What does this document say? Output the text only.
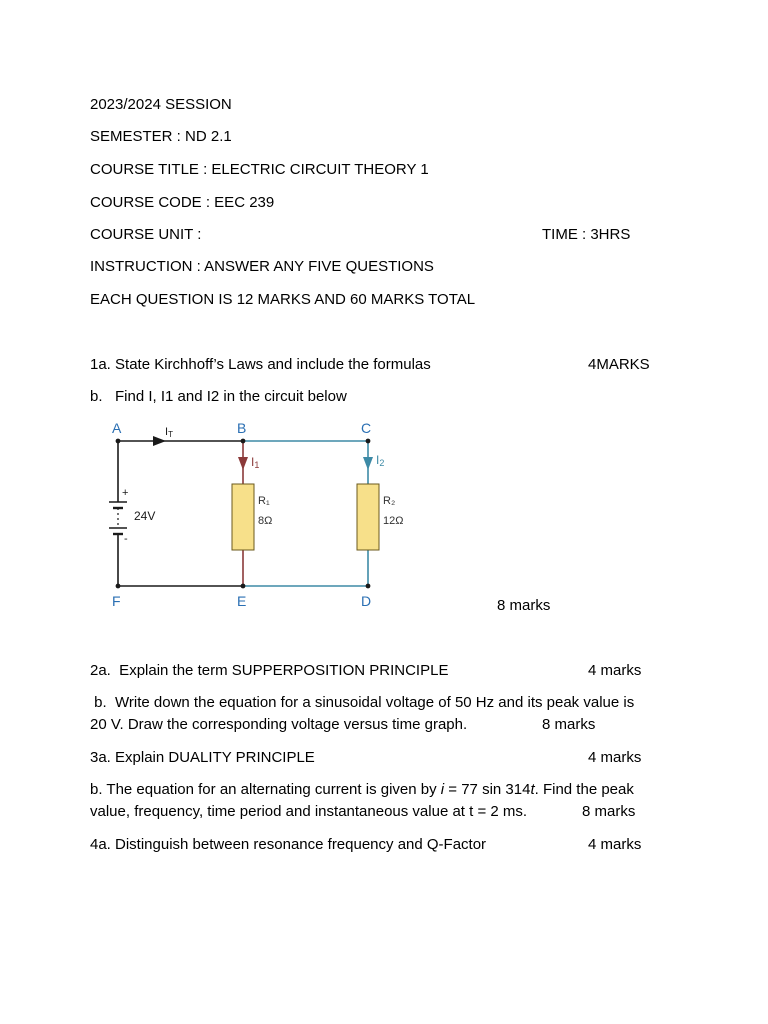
2023/2024 SESSION
SEMESTER : ND 2.1
COURSE TITLE : ELECTRIC CIRCUIT THEORY 1
COURSE CODE : EEC 239
COURSE UNIT :	TIME : 3HRS
INSTRUCTION : ANSWER ANY FIVE QUESTIONS
EACH QUESTION IS 12 MARKS AND 60 MARKS TOTAL
1a. State Kirchhoff’s Laws and include the formulas	4MARKS
b.   Find I, I1 and I2 in the circuit below
+
-
24V
R₁
8Ω
R₂
12Ω
IT
I1	I2
A	B	C
F	E	D	8 marks
2a.  Explain the term SUPPERPOSITION PRINCIPLE	4 marks
b.  Write down the equation for a sinusoidal voltage of 50 Hz and its peak value is
20 V. Draw the corresponding voltage versus time graph.	8 marks
3a. Explain DUALITY PRINCIPLE	4 marks
b. The equation for an alternating current is given by i = 77 sin 314t. Find the peak
value, frequency, time period and instantaneous value at t = 2 ms.	8 marks
4a. Distinguish between resonance frequency and Q-Factor	4 marks
